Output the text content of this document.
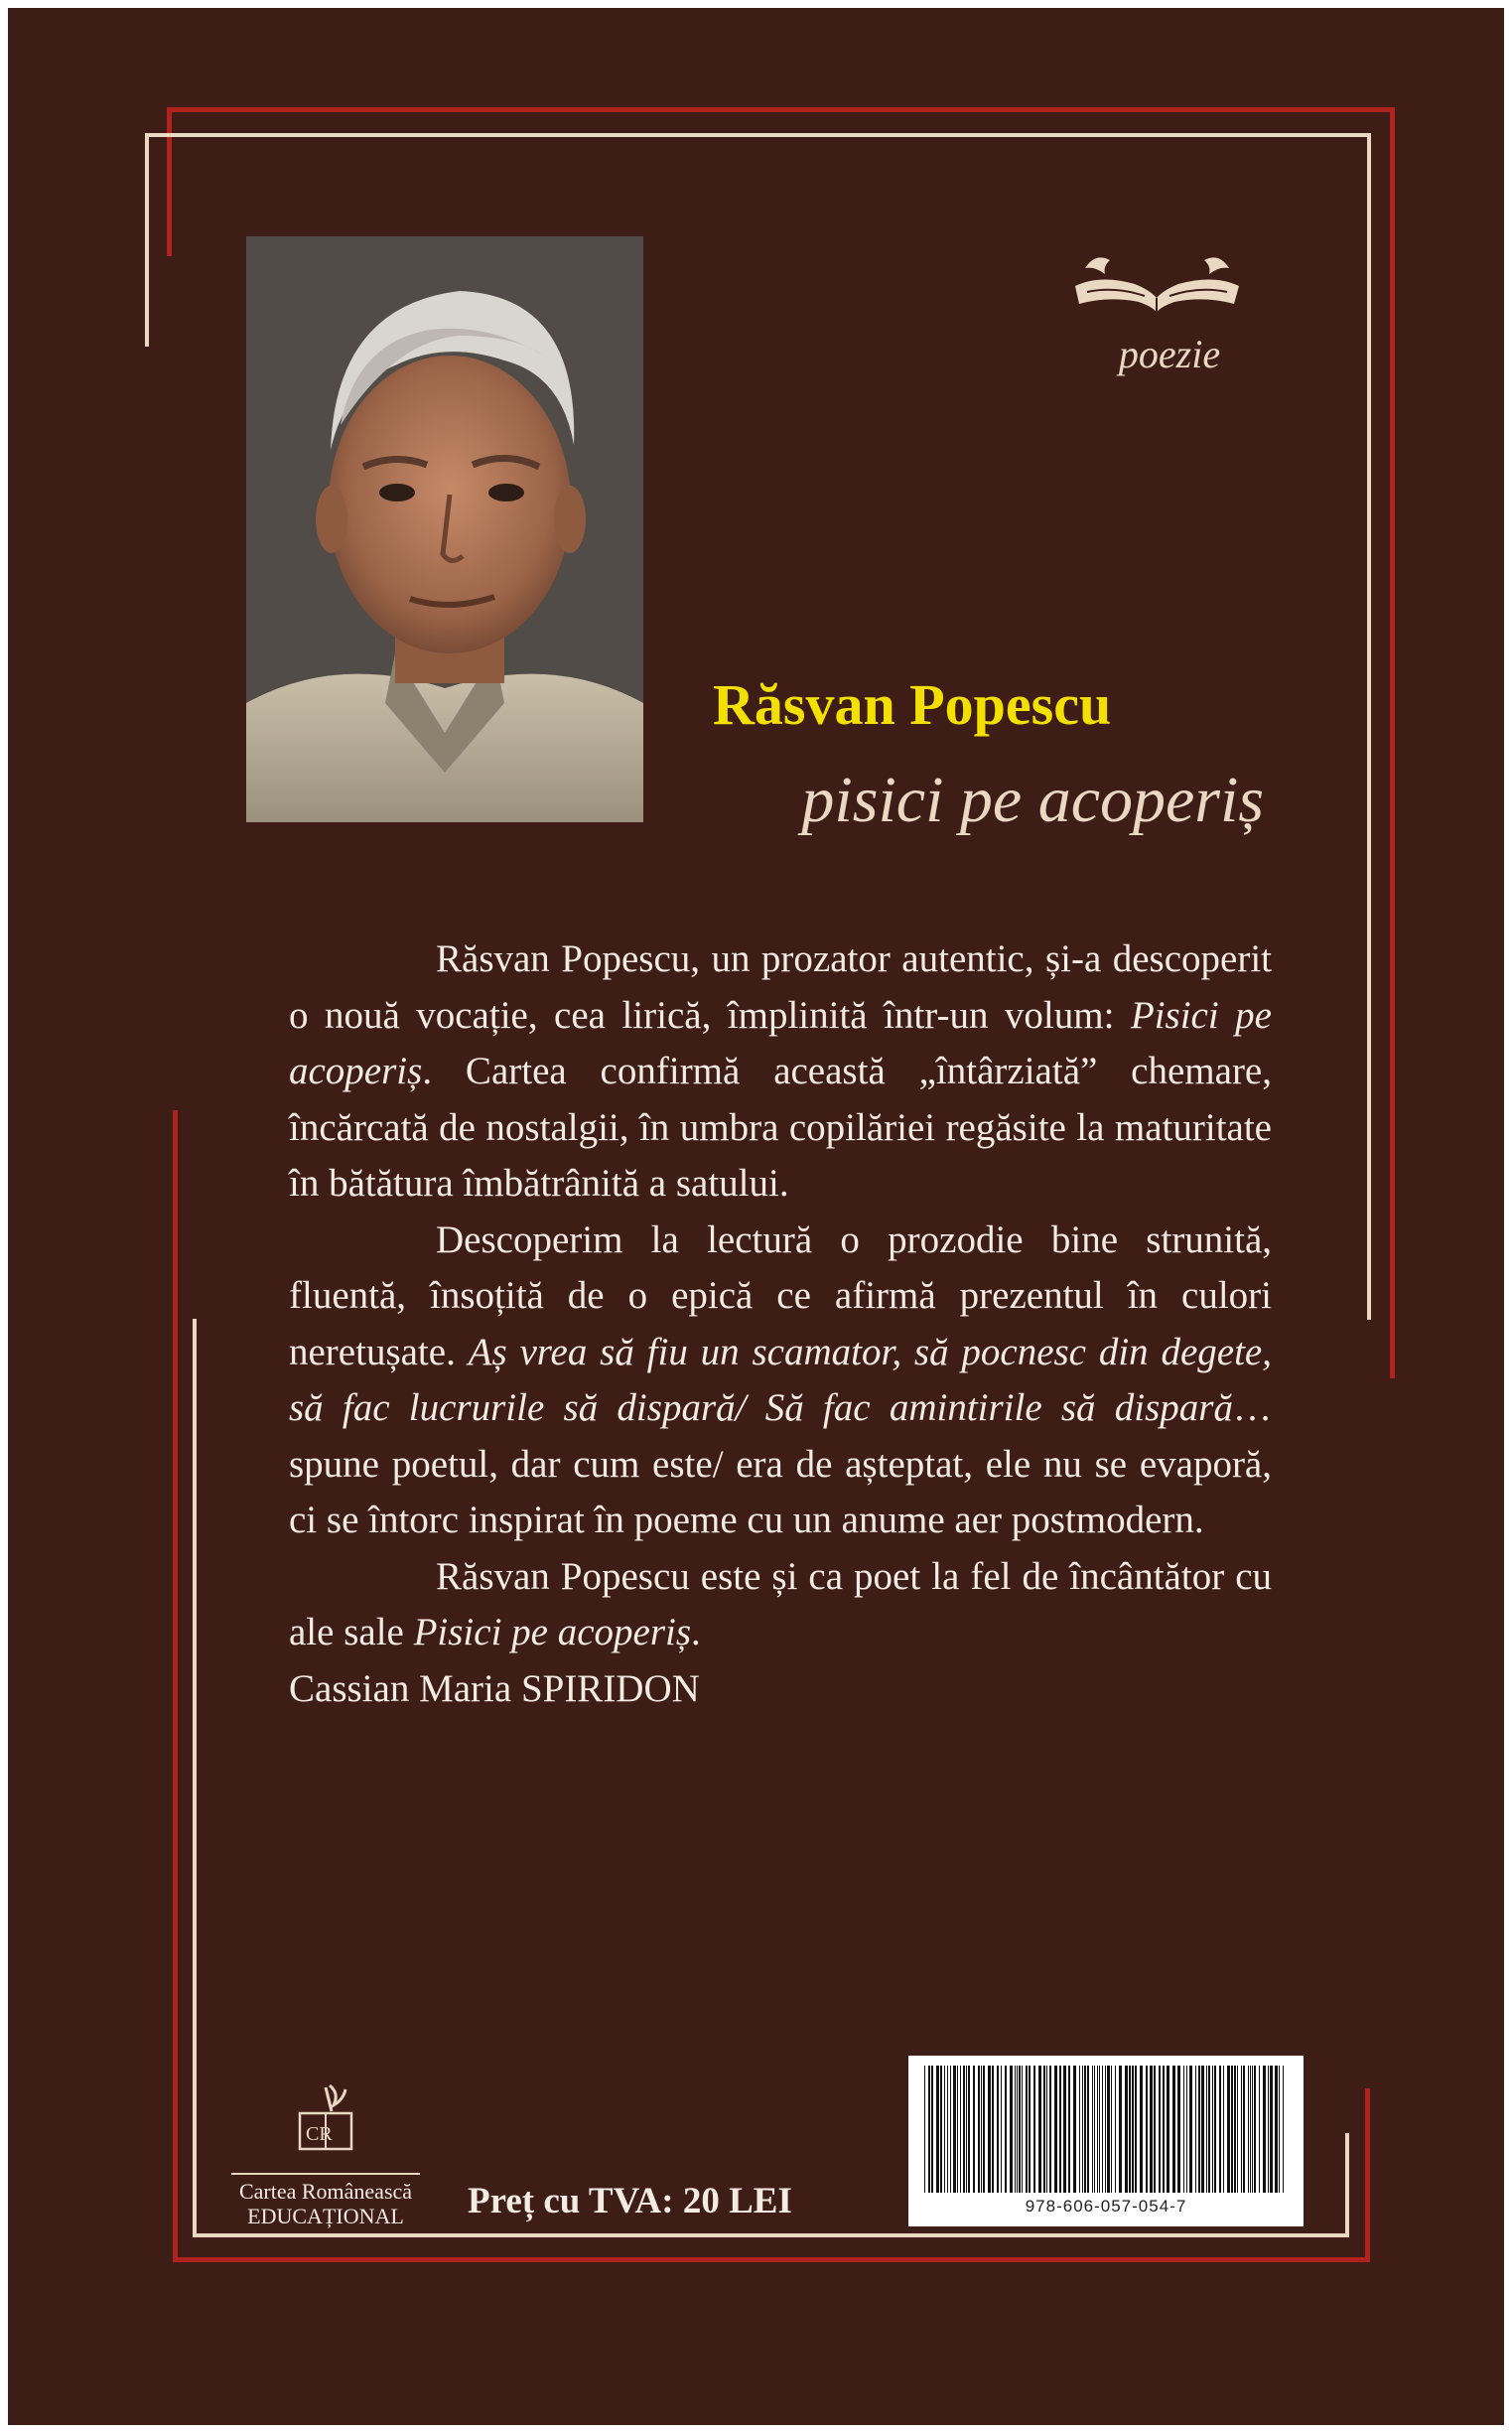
poezie
Răsvan Popescu
pisici pe acoperiș

Răsvan Popescu, un prozator autentic, și-a descoperit o nouă vocație, cea lirică, împlinită într-un volum: Pisici pe acoperiș. Cartea confirmă această „întârziată” chemare, încărcată de nostalgii, în umbra copilăriei regăsite la maturitate în bătătura îmbătrânită a satului.

Descoperim la lectură o prozodie bine strunită, fluentă, însoțită de o epică ce afirmă prezentul în culori neretușate. Aș vrea să fiu un scamator, să pocnesc din degete, să fac lucrurile să dispară/ Să fac amintirile să dispară… spune poetul, dar cum este/ era de așteptat, ele nu se evaporă, ci se întorc inspirat în poeme cu un anume aer postmodern.

Răsvan Popescu este și ca poet la fel de încântător cu ale sale Pisici pe acoperiș.

Cassian Maria SPIRIDON

CR
Cartea Românească
EDUCAȚIONAL	Preț cu TVA: 20 LEI	978-606-057-054-7
